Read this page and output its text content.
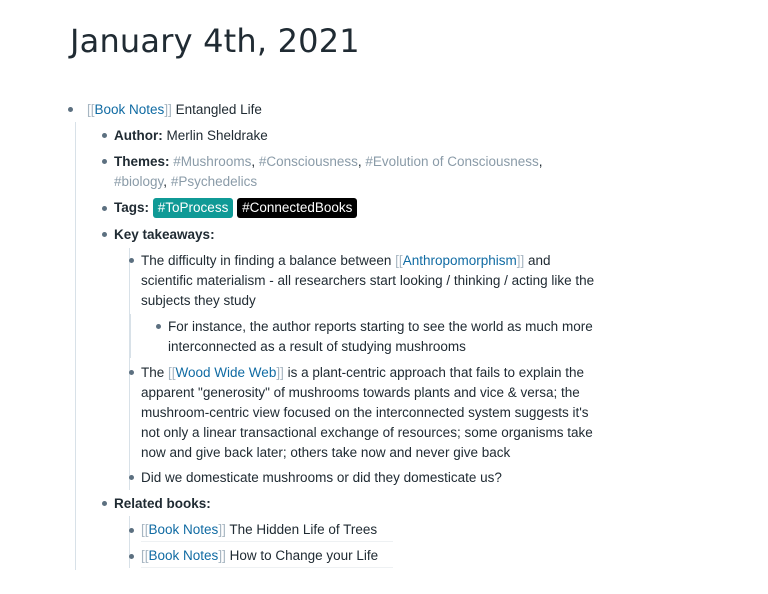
January 4th, 2021
[[Book Notes]] Entangled Life
Author: Merlin Sheldrake
Themes: #Mushrooms, #Consciousness, #Evolution of Consciousness,
#biology, #Psychedelics
Tags: #ToProcess #ConnectedBooks
Key takeaways:
The difficulty in finding a balance between [[Anthropomorphism]] and
scientific materialism - all researchers start looking / thinking / acting like the
subjects they study
For instance, the author reports starting to see the world as much more
interconnected as a result of studying mushrooms
The [[Wood Wide Web]] is a plant-centric approach that fails to explain the
apparent "generosity" of mushrooms towards plants and vice & versa; the
mushroom-centric view focused on the interconnected system suggests it's
not only a linear transactional exchange of resources; some organisms take
now and give back later; others take now and never give back
Did we domesticate mushrooms or did they domesticate us?
Related books:
[[Book Notes]] The Hidden Life of Trees
[[Book Notes]] How to Change your Life
